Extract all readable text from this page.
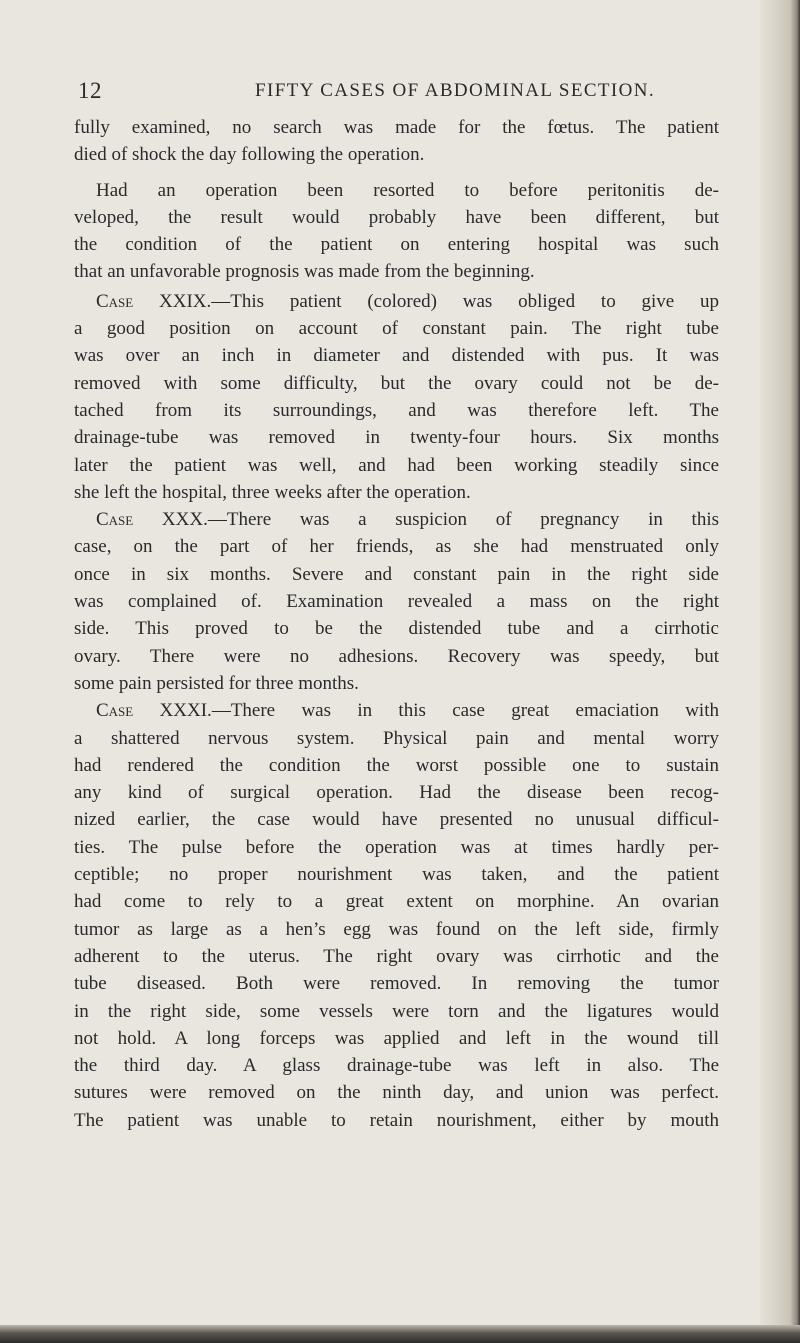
12	FIFTY CASES OF ABDOMINAL SECTION.
fully examined, no search was made for the fœtus. The patient
died of shock the day following the operation.
Had an operation been resorted to before peritonitis de-
veloped, the result would probably have been different, but
the condition of the patient on entering hospital was such
that an unfavorable prognosis was made from the beginning.
Case XXIX.—This patient (colored) was obliged to give up
a good position on account of constant pain. The right tube
was over an inch in diameter and distended with pus. It was
removed with some difficulty, but the ovary could not be de-
tached from its surroundings, and was therefore left. The
drainage-tube was removed in twenty-four hours. Six months
later the patient was well, and had been working steadily since
she left the hospital, three weeks after the operation.
Case XXX.—There was a suspicion of pregnancy in this
case, on the part of her friends, as she had menstruated only
once in six months. Severe and constant pain in the right side
was complained of. Examination revealed a mass on the right
side. This proved to be the distended tube and a cirrhotic
ovary. There were no adhesions. Recovery was speedy, but
some pain persisted for three months.
Case XXXI.—There was in this case great emaciation with
a shattered nervous system. Physical pain and mental worry
had rendered the condition the worst possible one to sustain
any kind of surgical operation. Had the disease been recog-
nized earlier, the case would have presented no unusual difficul-
ties. The pulse before the operation was at times hardly per-
ceptible; no proper nourishment was taken, and the patient
had come to rely to a great extent on morphine. An ovarian
tumor as large as a hen’s egg was found on the left side, firmly
adherent to the uterus. The right ovary was cirrhotic and the
tube diseased. Both were removed. In removing the tumor
in the right side, some vessels were torn and the ligatures would
not hold. A long forceps was applied and left in the wound till
the third day. A glass drainage-tube was left in also. The
sutures were removed on the ninth day, and union was perfect.
The patient was unable to retain nourishment, either by mouth
